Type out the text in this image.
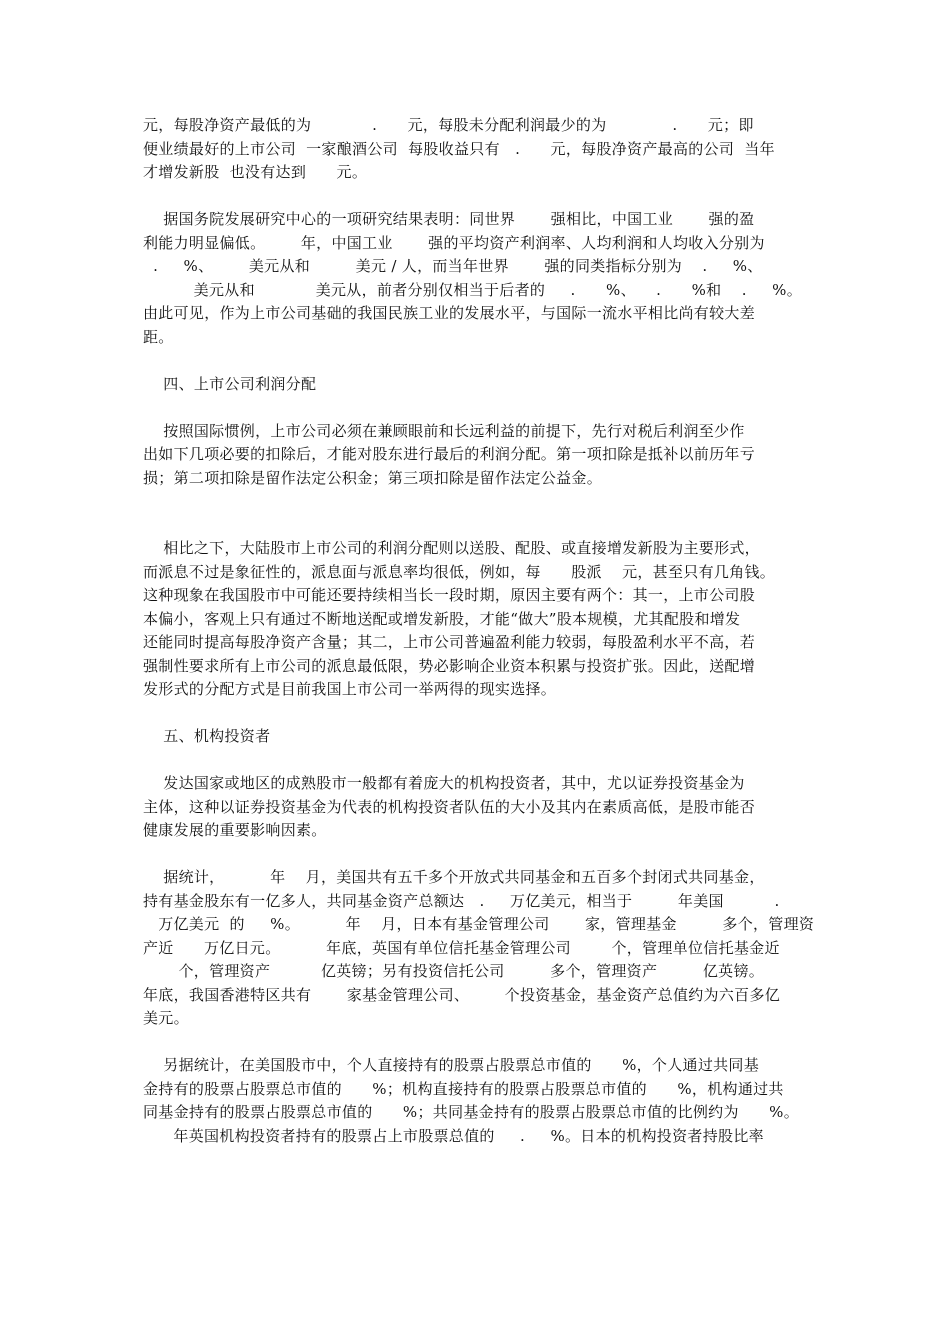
元，每股净资产最低的为            .      元，每股未分配利润最少的为             .      元；即
便业绩最好的上市公司  一家酿酒公司  每股收益只有   .      元，每股净资产最高的公司  当年
才增发新股  也没有达到      元。
据国务院发展研究中心的一项研究结果表明：同世界       强相比，中国工业       强的盈
利能力明显偏低。       年，中国工业       强的平均资产利润率、人均利润和人均收入分别为
.     %、       美元从和         美元 / 人，而当年世界       强的同类指标分别为    .     %、
美元从和            美元从，前者分别仅相当于后者的     .      %、    .      %和    .     %。
由此可见，作为上市公司基础的我国民族工业的发展水平，与国际一流水平相比尚有较大差
距。
四、上市公司利润分配
按照国际惯例，上市公司必须在兼顾眼前和长远利益的前提下，先行对税后利润至少作
出如下几项必要的扣除后，才能对股东进行最后的利润分配。第一项扣除是抵补以前历年亏
损；第二项扣除是留作法定公积金；第三项扣除是留作法定公益金。
相比之下，大陆股市上市公司的利润分配则以送股、配股、或直接增发新股为主要形式，
而派息不过是象征性的，派息面与派息率均很低，例如，每      股派    元，甚至只有几角钱。
这种现象在我国股市中可能还要持续相当长一段时期，原因主要有两个：其一，上市公司股
本偏小，客观上只有通过不断地送配或增发新股，才能“做大”股本规模，尤其配股和增发
还能同时提高每股净资产含量；其二，上市公司普遍盈利能力较弱，每股盈利水平不高，若
强制性要求所有上市公司的派息最低限，势必影响企业资本积累与投资扩张。因此，送配增
发形式的分配方式是目前我国上市公司一举两得的现实选择。
五、机构投资者
发达国家或地区的成熟股市一般都有着庞大的机构投资者，其中，尤以证券投资基金为
主体，这种以证券投资基金为代表的机构投资者队伍的大小及其内在素质高低，是股市能否
健康发展的重要影响因素。
据统计，         年    月，美国共有五千多个开放式共同基金和五百多个封闭式共同基金，
持有基金股东有一亿多人，共同基金资产总额达   .     万亿美元，相当于         年美国          .
万亿美元  的     %。         年    月，日本有基金管理公司       家，管理基金         多个，管理资
产近      万亿日元。         年底，英国有单位信托基金管理公司        个，管理单位信托基金近
个，管理资产          亿英镑；另有投资信托公司         多个，管理资产         亿英镑。
年底，我国香港特区共有       家基金管理公司、       个投资基金，基金资产总值约为六百多亿
美元。
另据统计，在美国股市中，个人直接持有的股票占股票总市值的      %，个人通过共同基
金持有的股票占股票总市值的      %；机构直接持有的股票占股票总市值的      %，机构通过共
同基金持有的股票占股票总市值的      %；共同基金持有的股票占股票总市值的比例约为      %。
年英国机构投资者持有的股票占上市股票总值的     .     %。日本的机构投资者持股比率
